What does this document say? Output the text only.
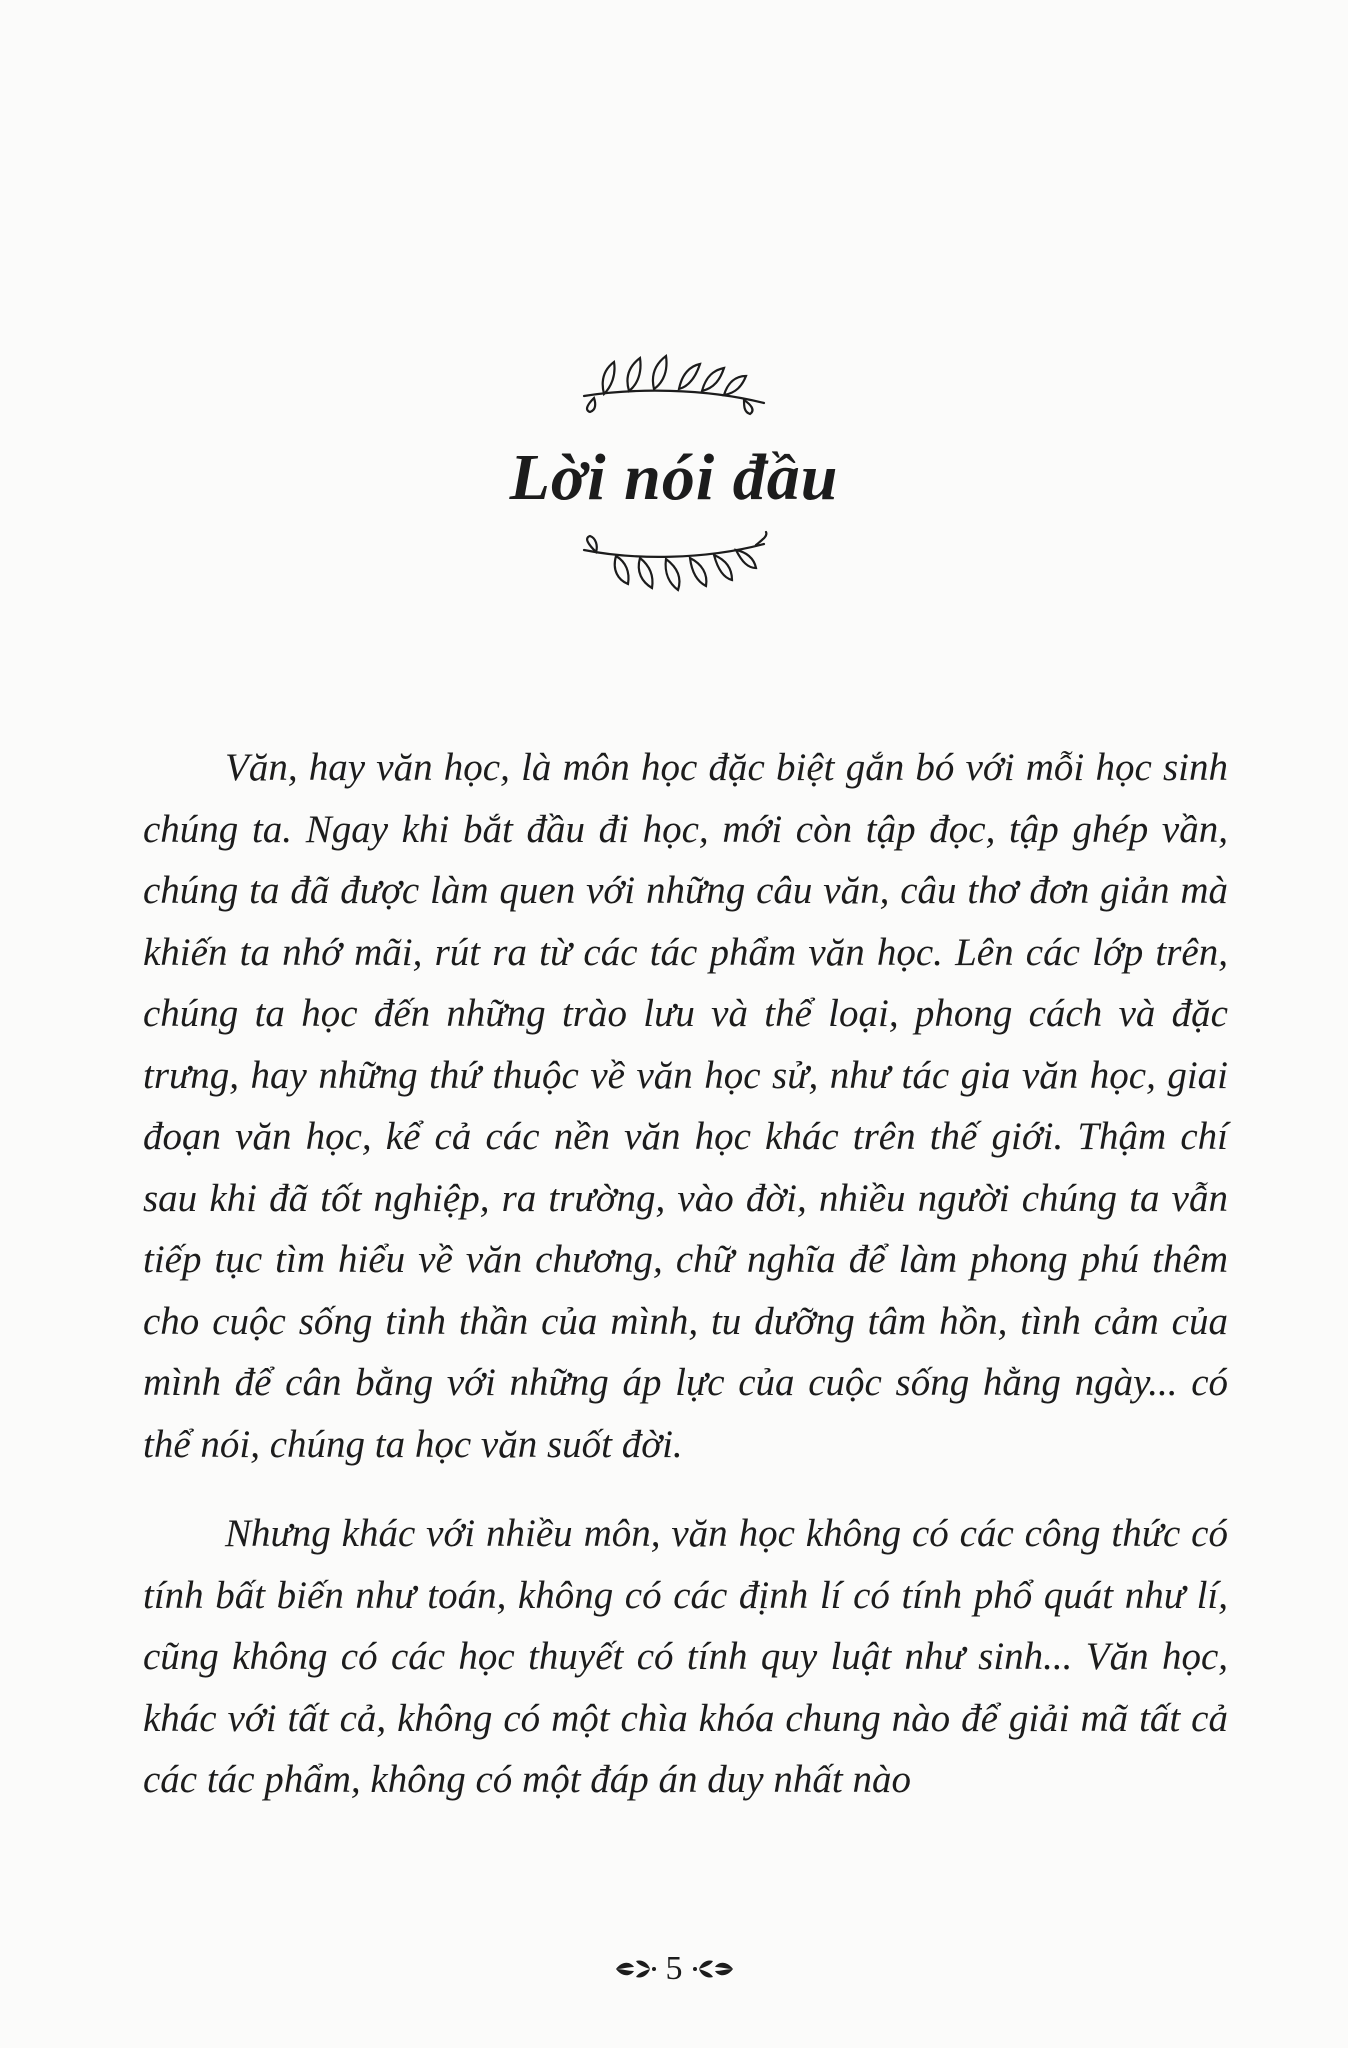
Lời nói đầu

Văn, hay văn học, là môn học đặc biệt gắn bó với mỗi học sinh chúng ta. Ngay khi bắt đầu đi học, mới còn tập đọc, tập ghép vần, chúng ta đã được làm quen với những câu văn, câu thơ đơn giản mà khiến ta nhớ mãi, rút ra từ các tác phẩm văn học. Lên các lớp trên, chúng ta học đến những trào lưu và thể loại, phong cách và đặc trưng, hay những thứ thuộc về văn học sử, như tác gia văn học, giai đoạn văn học, kể cả các nền văn học khác trên thế giới. Thậm chí sau khi đã tốt nghiệp, ra trường, vào đời, nhiều người chúng ta vẫn tiếp tục tìm hiểu về văn chương, chữ nghĩa để làm phong phú thêm cho cuộc sống tinh thần của mình, tu dưỡng tâm hồn, tình cảm của mình để cân bằng với những áp lực của cuộc sống hằng ngày... có thể nói, chúng ta học văn suốt đời.

Nhưng khác với nhiều môn, văn học không có các công thức có tính bất biến như toán, không có các định lí có tính phổ quát như lí, cũng không có các học thuyết có tính quy luật như sinh... Văn học, khác với tất cả, không có một chìa khóa chung nào để giải mã tất cả các tác phẩm, không có một đáp án duy nhất nào

5
